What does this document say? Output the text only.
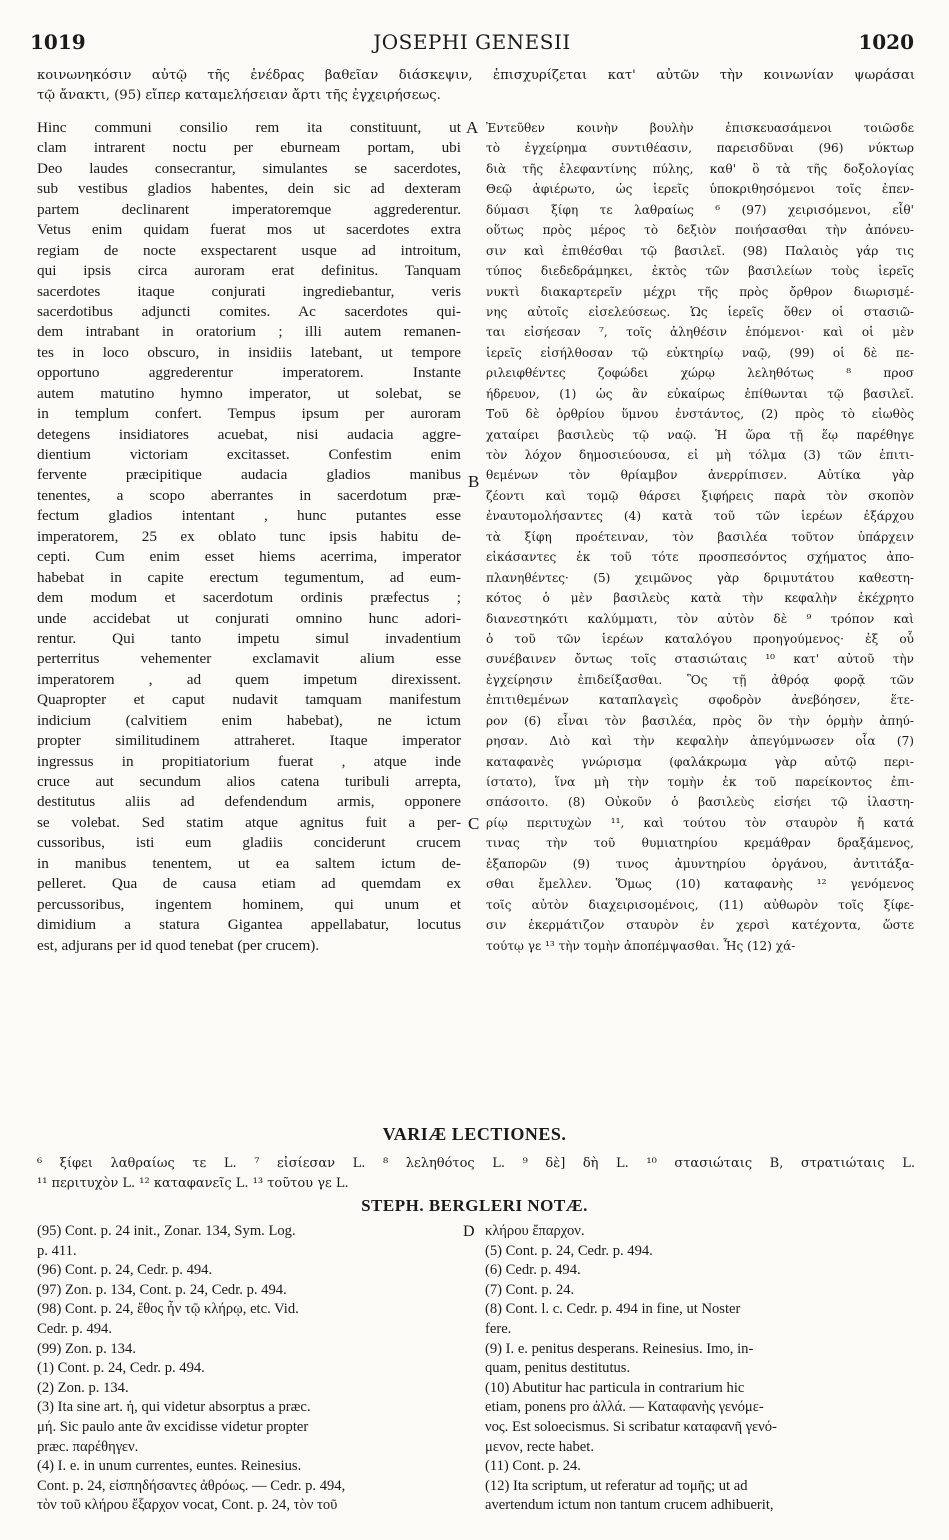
1019	JOSEPHI GENESII	1020
κοινωνηκόσιν αὐτῷ τῆς ἐνέδρας βαθεῖαν διάσκεψιν, ἐπισχυρίζεται κατ' αὐτῶν τὴν κοινωνίαν ψωράσαι
τῷ ἄνακτι, (95) εἴπερ καταμελήσειαν ἄρτι τῆς ἐγχειρήσεως.
Hinc communi consilio rem ita constituunt, ut
clam intrarent noctu per eburneam portam, ubi
Deo laudes consecrantur, simulantes se sacerdotes,
sub vestibus gladios habentes, dein sic ad dexteram
partem declinarent imperatoremque aggrederentur.
Vetus enim quidam fuerat mos ut sacerdotes extra
regiam de nocte exspectarent usque ad introitum,
qui ipsis circa auroram erat definitus. Tanquam
sacerdotes itaque conjurati ingrediebantur, veris
sacerdotibus adjuncti comites. Ac sacerdotes qui-
dem intrabant in oratorium ; illi autem remanen-
tes in loco obscuro, in insidiis latebant, ut tempore
opportuno aggrederentur imperatorem. Instante
autem matutino hymno imperator, ut solebat, se
in templum confert. Tempus ipsum per auroram
detegens insidiatores acuebat, nisi audacia aggre-
dientium victoriam excitasset. Confestim enim
fervente præcipitique audacia gladios manibus
tenentes, a scopo aberrantes in sacerdotum præ-
fectum gladios intentant , hunc putantes esse
imperatorem, 25 ex oblato tunc ipsis habitu de-
cepti. Cum enim esset hiems acerrima, imperator
habebat in capite erectum tegumentum, ad eum-
dem modum et sacerdotum ordinis præfectus ;
unde accidebat ut conjurati omnino hunc adori-
rentur. Qui tanto impetu simul invadentium
perterritus vehementer exclamavit alium esse
imperatorem , ad quem impetum direxissent.
Quapropter et caput nudavit tamquam manifestum
indicium (calvitiem enim habebat), ne ictum
propter similitudinem attraheret. Itaque imperator
ingressus in propitiatorium fuerat , atque inde
cruce aut secundum alios catena turibuli arrepta,
destitutus aliis ad defendendum armis, opponere
se volebat. Sed statim atque agnitus fuit a per-
cussoribus, isti eum gladiis conciderunt crucem
in manibus tenentem, ut ea saltem ictum de-
pelleret. Qua de causa etiam ad quemdam ex
percussoribus, ingentem hominem, qui unum et
dimidium a statura Gigantea appellabatur, locutus
est, adjurans per id quod tenebat (per crucem).
Ἐντεῦθεν κοινὴν βουλὴν ἐπισκευασάμενοι τοιῶσδε
τὸ ἐγχείρημα συντιθέασιν, παρεισδῦναι (96) νύκτωρ
διὰ τῆς ἐλεφαντίνης πύλης, καθ' ὃ τὰ τῆς δοξολογίας
Θεῷ ἀφιέρωτο, ὡς ἱερεῖς ὑποκριθησόμενοι τοῖς ἐπεν-
δύμασι ξίφη τε λαθραίως ⁶ (97) χειρισόμενοι, εἶθ'
οὕτως πρὸς μέρος τὸ δεξιὸν ποιήσασθαι τὴν ἀπόνευ-
σιν καὶ ἐπιθέσθαι τῷ βασιλεῖ. (98) Παλαιὸς γάρ τις
τύπος διεδεδράμηκει, ἐκτὸς τῶν βασιλείων τοὺς ἱερεῖς
νυκτὶ διακαρτερεῖν μέχρι τῆς πρὸς ὄρθρον διωρισμέ-
νης αὐτοῖς εἰσελεύσεως. Ὡς ἱερεῖς ὅθεν οἱ στασιῶ-
ται εἰσήεσαν ⁷, τοῖς ἀληθέσιν ἑπόμενοι· καὶ οἱ μὲν
ἱερεῖς εἰσήλθοσαν τῷ εὐκτηρίῳ ναῷ, (99) οἱ δὲ πε-
ριλειφθέντες ζοφώδει χώρῳ λεληθότως ⁸ προσ
ήδρευον, (1) ὡς ἂν εὐκαίρως ἐπίθωνται τῷ βασιλεῖ.
Τοῦ δὲ ὀρθρίου ὕμνου ἐνστάντος, (2) πρὸς τὸ εἰωθὸς
χαταίρει βασιλεὺς τῷ ναῷ. Ἡ ὥρα τῇ ἕῳ παρέθηγε
τὸν λόχον δημοσιεύουσα, εἰ μὴ τόλμα (3) τῶν ἐπιτι-
θεμένων τὸν θρίαμβον ἀνερρίπισεν. Αὐτίκα γὰρ
ζέοντι καὶ τομῷ θάρσει ξιφήρεις παρὰ τὸν σκοπὸν
ἐναυτομολήσαντες (4) κατὰ τοῦ τῶν ἱερέων ἐξάρχου
τὰ ξίφη προέτειναν, τὸν βασιλέα τοῦτον ὑπάρχειν
εἰκάσαντες ἐκ τοῦ τότε προσπεσόντος σχήματος ἀπο-
πλανηθέντες· (5) χειμῶνος γὰρ δριμυτάτου καθεστη-
κότος ὁ μὲν βασιλεὺς κατὰ τὴν κεφαλὴν ἐκέχρητο
διανεστηκότι καλύμματι, τὸν αὐτὸν δὲ ⁹ τρόπον καὶ
ὁ τοῦ τῶν ἱερέων καταλόγου προηγούμενος· ἐξ οὗ
συνέβαινεν ὄντως τοῖς στασιώταις ¹⁰ κατ' αὐτοῦ τὴν
ἐγχείρησιν ἐπιδείξασθαι. Ὃς τῇ ἀθρόᾳ φορᾷ τῶν
ἐπιτιθεμένων καταπλαγεὶς σφοδρὸν ἀνεβόησεν, ἕτε-
ρον (6) εἶναι τὸν βασιλέα, πρὸς ὃν τὴν ὁρμὴν ἀπηύ-
ρησαν. Διὸ καὶ τὴν κεφαλὴν ἀπεγύμνωσεν οἷα (7)
καταφανὲς γνώρισμα (φαλάκρωμα γὰρ αὐτῷ περι-
ίστατο), ἵνα μὴ τὴν τομὴν ἐκ τοῦ παρείκοντος ἐπι-
σπάσοιτο. (8) Οὐκοῦν ὁ βασιλεὺς εἰσήει τῷ ἱλαστη-
ρίῳ περιτυχὼν ¹¹, καὶ τούτου τὸν σταυρὸν ἤ κατά
τινας τὴν τοῦ θυμιατηρίου κρεμάθραν δραξάμενος,
ἐξαπορῶν (9) τινος ἀμυντηρίου ὀργάνου, ἀντιτάξα-
σθαι ἔμελλεν. Ὅμως (10) καταφανὴς ¹² γενόμενος
τοῖς αὐτὸν διαχειρισομένοις, (11) αὐθωρὸν τοῖς ξίφε-
σιν ἐκερμάτιζον σταυρὸν ἐν χερσὶ κατέχοντα, ὥστε
τούτῳ γε ¹³ τὴν τομὴν ἀποπέμψασθαι. Ἧς (12) χά-
A
B
C
VARIÆ LECTIONES.
⁶ ξίφει λαθραίως τε L. ⁷ εἰσίεσαν L. ⁸ λεληθότος L. ⁹ δὲ] δὴ L. ¹⁰ στασιώταις B, στρατιώταις L.
¹¹ περιτυχὸν L. ¹² καταφανεῖς L. ¹³ τοῦτου γε L.
STEPH. BERGLERI NOTÆ.
D
(95) Cont. p. 24 init., Zonar. 134, Sym. Log.
p. 411.
(96) Cont. p. 24, Cedr. p. 494.
(97) Zon. p. 134, Cont. p. 24, Cedr. p. 494.
(98) Cont. p. 24, ἔθος ἦν τῷ κλήρῳ, etc. Vid.
Cedr. p. 494.
(99) Zon. p. 134.
(1) Cont. p. 24, Cedr. p. 494.
(2) Zon. p. 134.
(3) Ita sine art. ἡ, qui videtur absorptus a præc.
μή. Sic paulo ante ἂν excidisse videtur propter
præc. παρέθηγεν.
(4) I. e. in unum currentes, euntes. Reinesius.
Cont. p. 24, εἰσπηδήσαντες ἀθρόως. — Cedr. p. 494,
τὸν τοῦ κλήρου ἔξαρχον vocat, Cont. p. 24, τὸν τοῦ
κλήρου ἔπαρχον.
(5) Cont. p. 24, Cedr. p. 494.
(6) Cedr. p. 494.
(7) Cont. p. 24.
(8) Cont. l. c. Cedr. p. 494 in fine, ut Noster
fere.
(9) I. e. penitus desperans. Reinesius. Imo, in-
quam, penitus destitutus.
(10) Abutitur hac particula in contrarium hic
etiam, ponens pro ἀλλά. — Καταφανὴς γενόμε-
νος. Est soloecismus. Si scribatur καταφανῆ γενό-
μενον, recte habet.
(11) Cont. p. 24.
(12) Ita scriptum, ut referatur ad τομῆς; ut ad
avertendum ictum non tantum crucem adhibuerit,
